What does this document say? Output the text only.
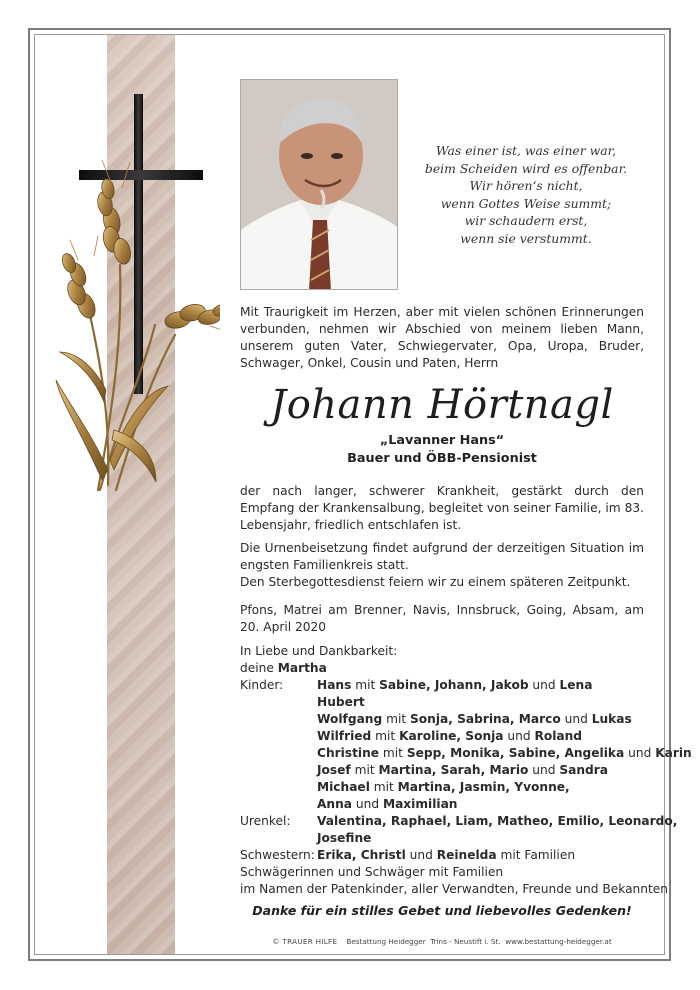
Was einer ist, was einer war,
beim Scheiden wird es offenbar.
Wir hören‘s nicht,
wenn Gottes Weise summt;
wir schaudern erst,
wenn sie verstummt.
Mit Traurigkeit im Herzen, aber mit vielen schönen Erinnerungen verbunden, nehmen wir Abschied von meinem lieben Mann, unserem guten Vater, Schwiegervater, Opa, Uropa, Bruder, Schwager, Onkel, Cousin und Paten, Herrn
Johann Hörtnagl
„Lavanner Hans“
Bauer und ÖBB-Pensionist
der nach langer, schwerer Krankheit, gestärkt durch den Empfang der Krankensalbung, begleitet von seiner Familie, im 83. Lebensjahr, friedlich entschlafen ist.
Die Urnenbeisetzung findet aufgrund der derzeitigen Situation im engsten Familienkreis statt.
Den Sterbegottesdienst feiern wir zu einem späteren Zeitpunkt.
Pfons, Matrei am Brenner, Navis, Innsbruck, Going, Absam, am 20. April 2020
In Liebe und Dankbarkeit:
deine Martha
Kinder:	Hans mit Sabine, Johann, Jakob und Lena
Hubert
Wolfgang mit Sonja, Sabrina, Marco und Lukas
Wilfried mit Karoline, Sonja und Roland
Christine mit Sepp, Monika, Sabine, Angelika und Karin
Josef mit Martina, Sarah, Mario und Sandra
Michael mit Martina, Jasmin, Yvonne,
Anna und Maximilian
Urenkel: Valentina, Raphael, Liam, Matheo, Emilio, Leonardo,
Josefine
Schwestern: Erika, Christl und Reinelda mit Familien
Schwägerinnen und Schwäger mit Familien
im Namen der Patenkinder, aller Verwandten, Freunde und Bekannten
Danke für ein stilles Gebet und liebevolles Gedenken!
© TRAUER HILFE Bestattung Heidegger  Trins - Neustift i. St.  www.bestattung-heidegger.at
